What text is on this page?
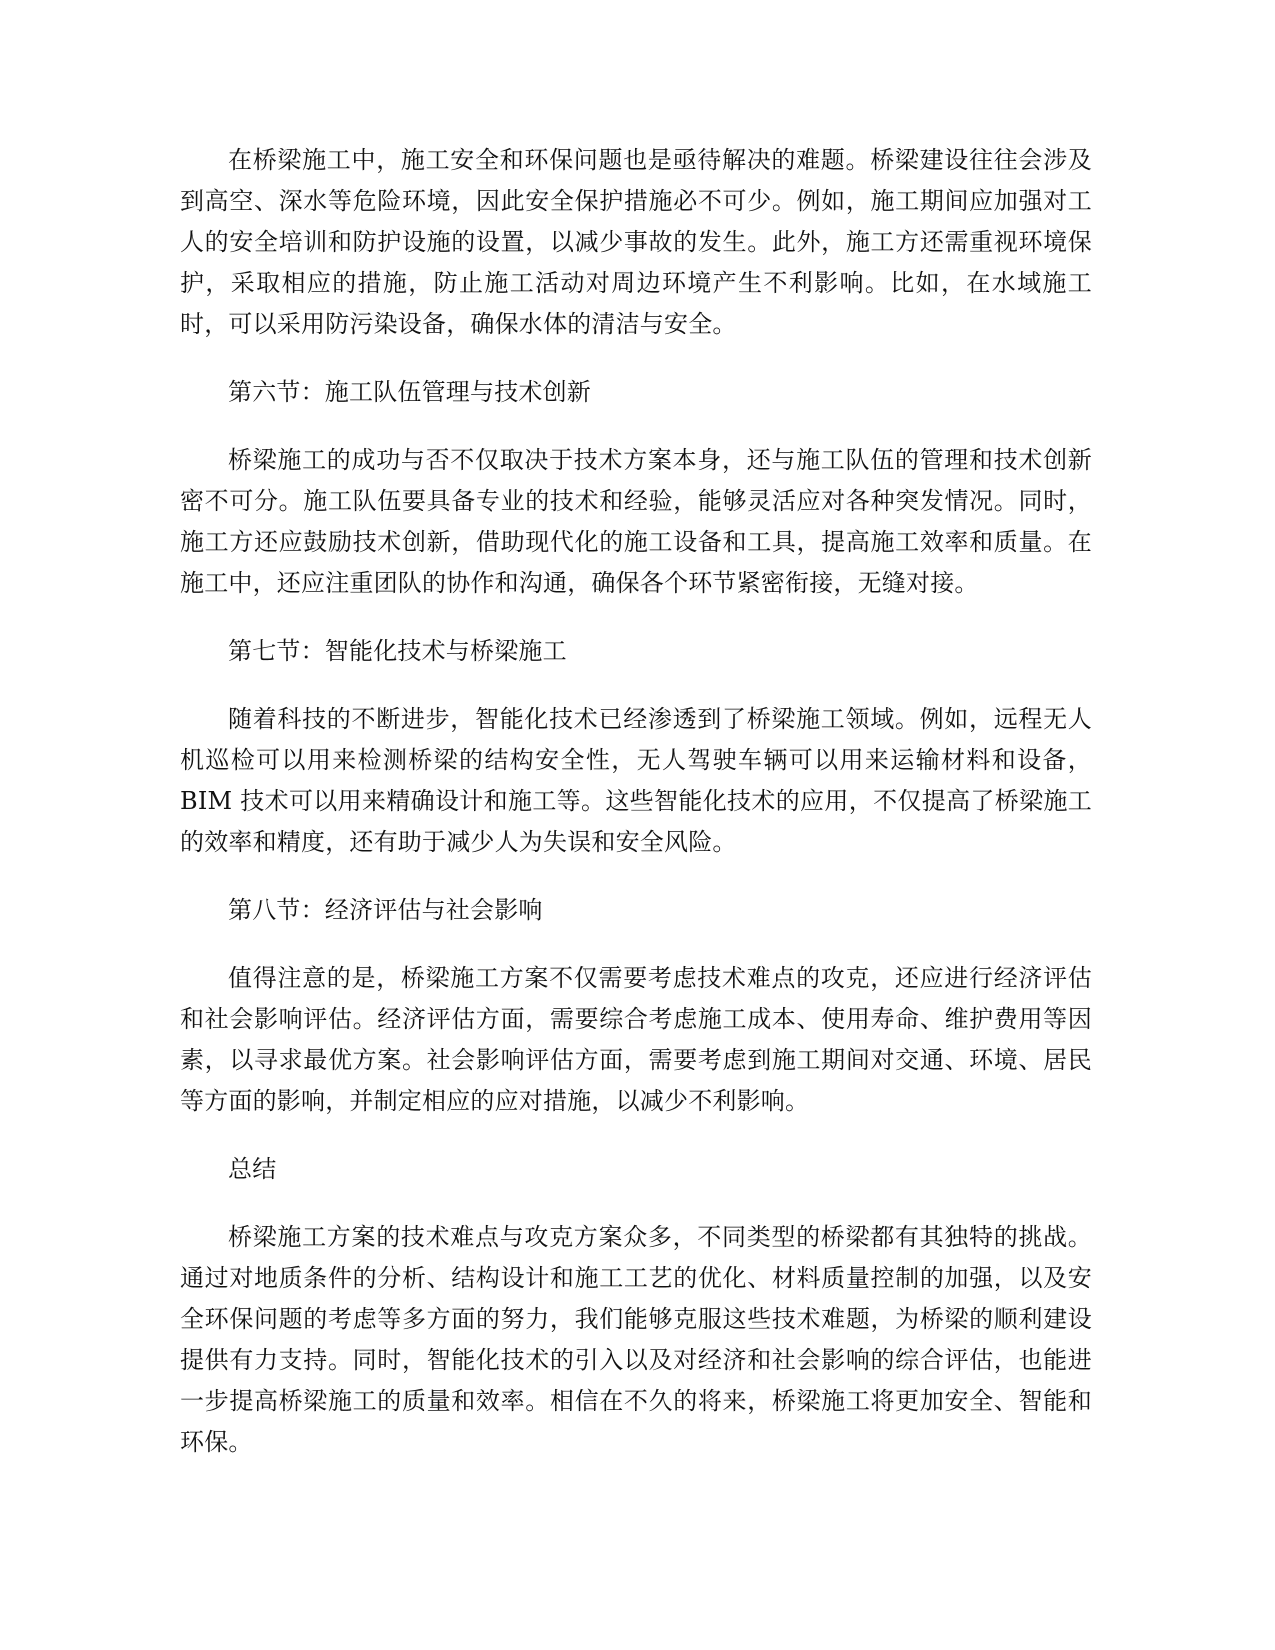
在桥梁施工中，施工安全和环保问题也是亟待解决的难题。桥梁建设往往会涉及到高空、深水等危险环境，因此安全保护措施必不可少。例如，施工期间应加强对工人的安全培训和防护设施的设置，以减少事故的发生。此外，施工方还需重视环境保护，采取相应的措施，防止施工活动对周边环境产生不利影响。比如，在水域施工时，可以采用防污染设备，确保水体的清洁与安全。

第六节：施工队伍管理与技术创新

桥梁施工的成功与否不仅取决于技术方案本身，还与施工队伍的管理和技术创新密不可分。施工队伍要具备专业的技术和经验，能够灵活应对各种突发情况。同时，施工方还应鼓励技术创新，借助现代化的施工设备和工具，提高施工效率和质量。在施工中，还应注重团队的协作和沟通，确保各个环节紧密衔接，无缝对接。

第七节：智能化技术与桥梁施工

随着科技的不断进步，智能化技术已经渗透到了桥梁施工领域。例如，远程无人机巡检可以用来检测桥梁的结构安全性，无人驾驶车辆可以用来运输材料和设备，BIM 技术可以用来精确设计和施工等。这些智能化技术的应用，不仅提高了桥梁施工的效率和精度，还有助于减少人为失误和安全风险。

第八节：经济评估与社会影响

值得注意的是，桥梁施工方案不仅需要考虑技术难点的攻克，还应进行经济评估和社会影响评估。经济评估方面，需要综合考虑施工成本、使用寿命、维护费用等因素，以寻求最优方案。社会影响评估方面，需要考虑到施工期间对交通、环境、居民等方面的影响，并制定相应的应对措施，以减少不利影响。

总结

桥梁施工方案的技术难点与攻克方案众多，不同类型的桥梁都有其独特的挑战。通过对地质条件的分析、结构设计和施工工艺的优化、材料质量控制的加强，以及安全环保问题的考虑等多方面的努力，我们能够克服这些技术难题，为桥梁的顺利建设提供有力支持。同时，智能化技术的引入以及对经济和社会影响的综合评估，也能进一步提高桥梁施工的质量和效率。相信在不久的将来，桥梁施工将更加安全、智能和环保。
